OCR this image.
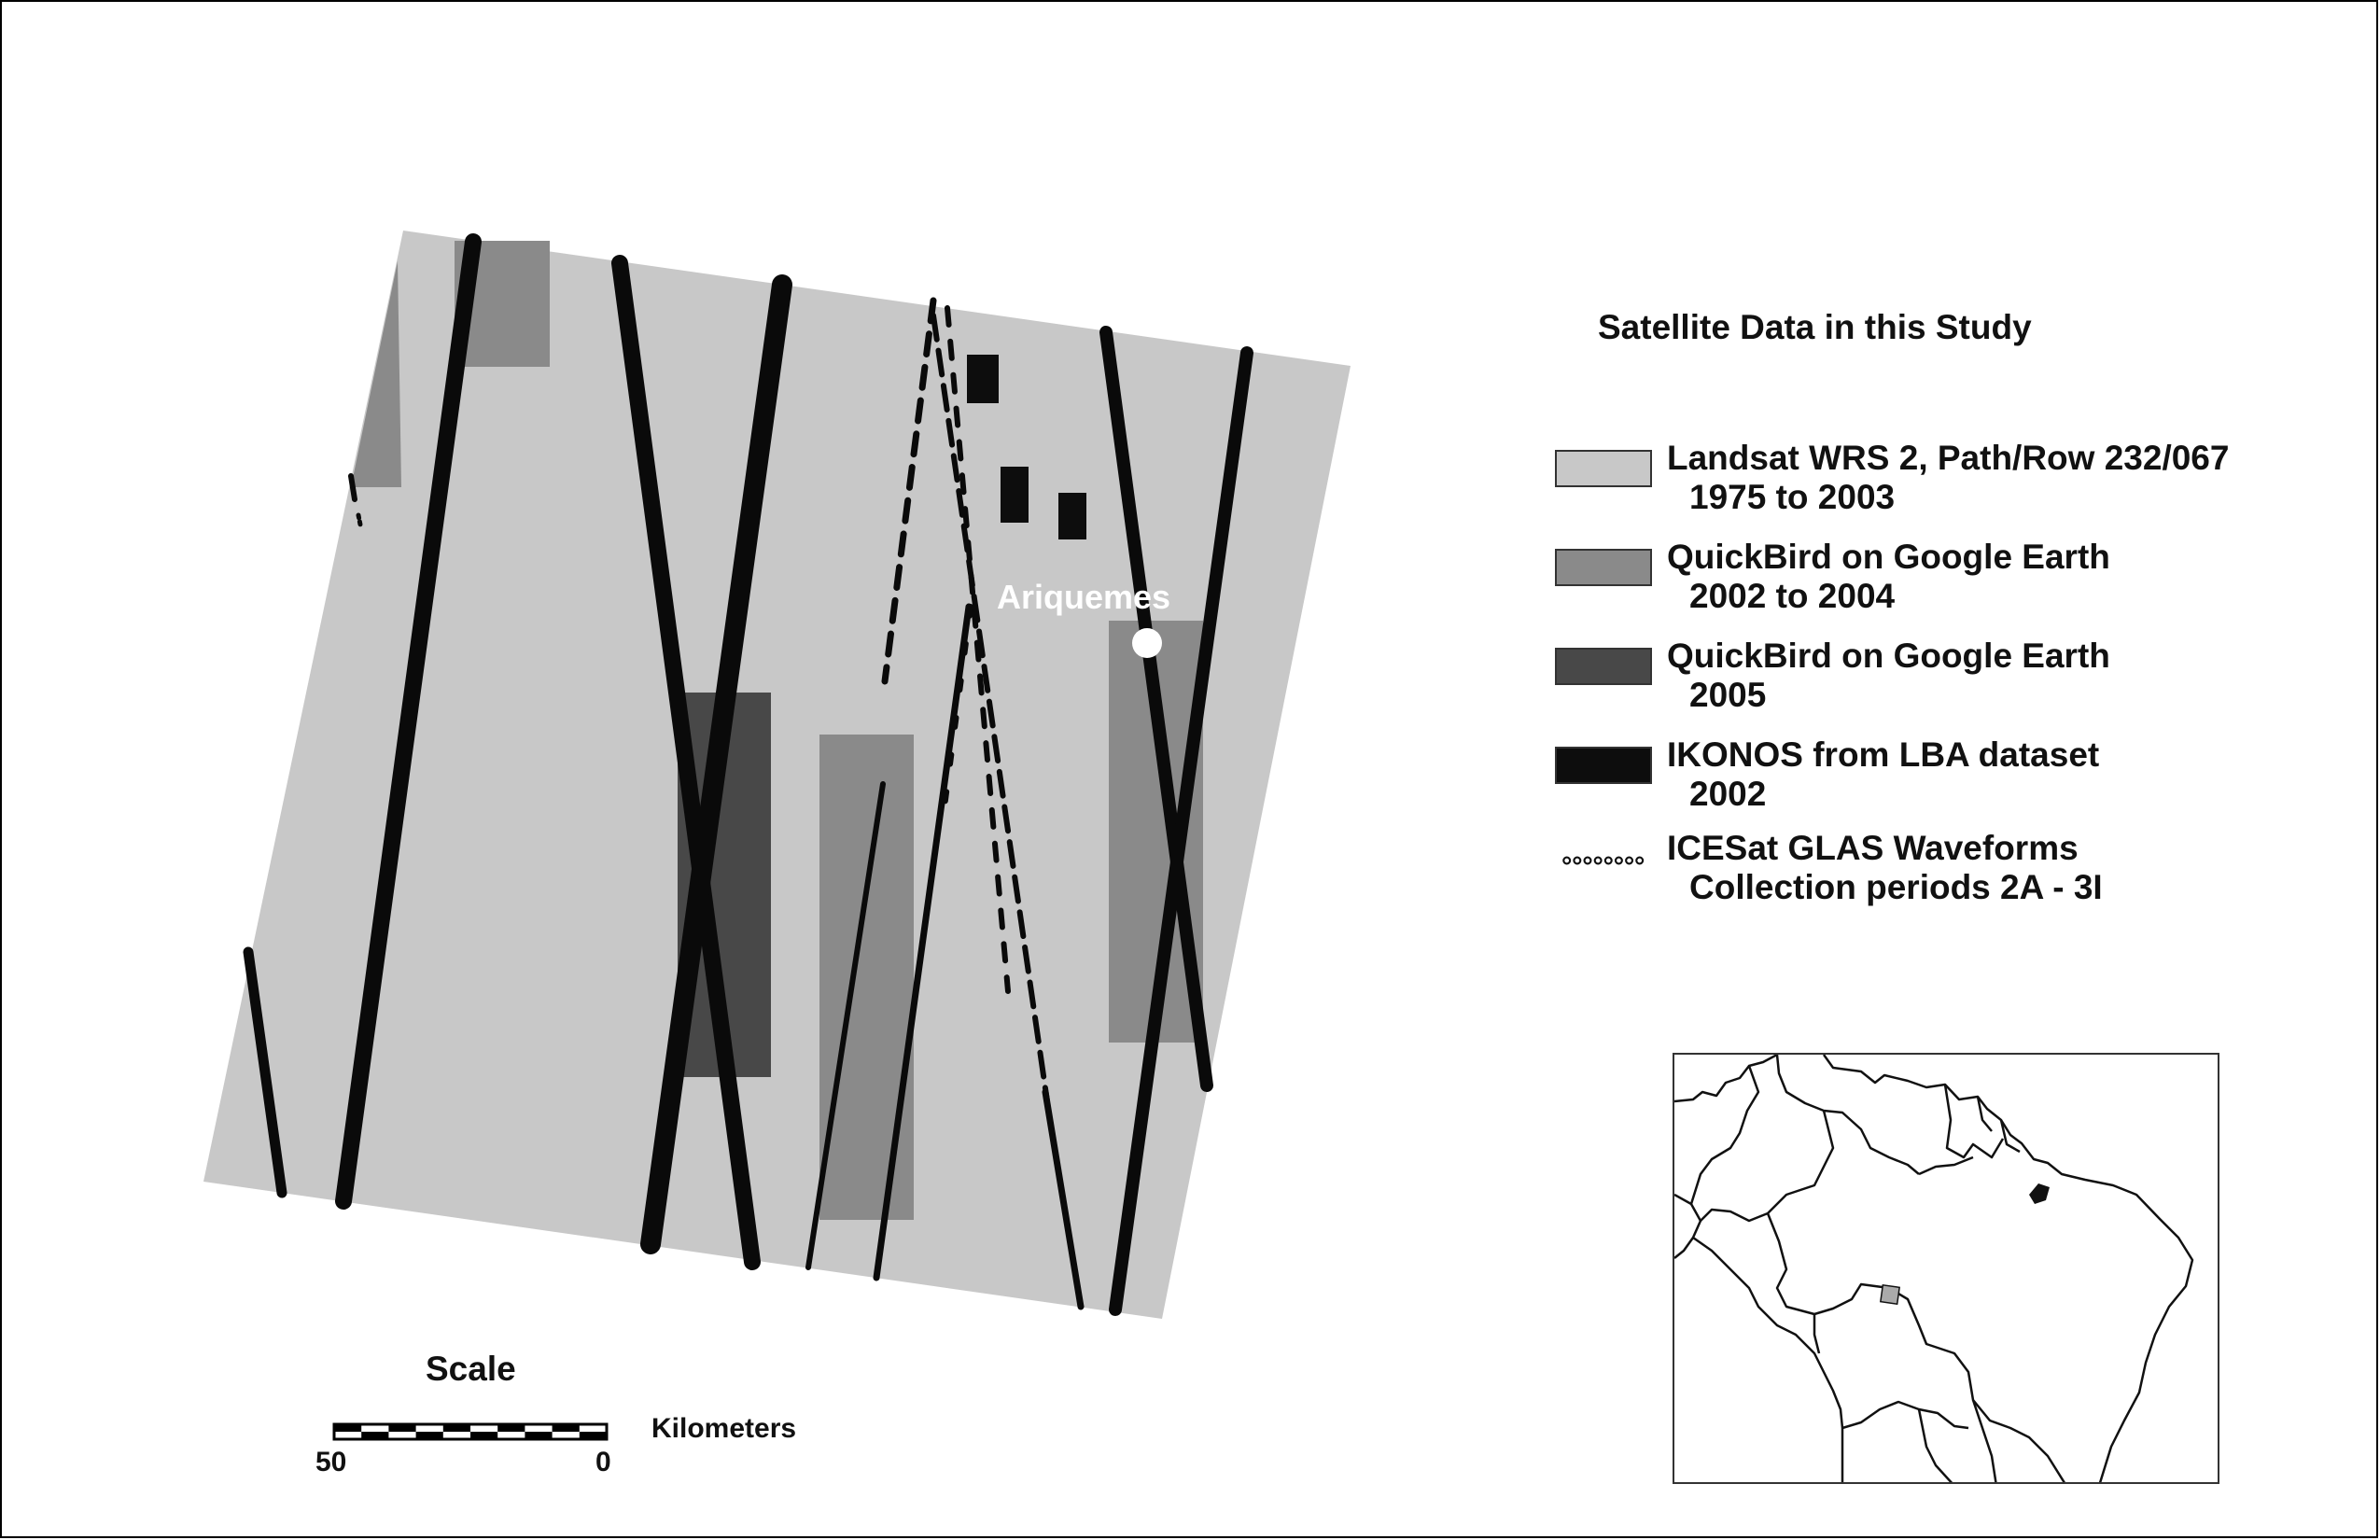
Ariquemes
Satellite Data in this Study
Landsat WRS 2, Path/Row 232/067
1975 to 2003
QuickBird on Google Earth
2002 to 2004
QuickBird on Google Earth
2005
IKONOS from LBA dataset
2002
ICESat GLAS Waveforms
Collection periods 2A - 3I
Scale
Kilometers
50	0
